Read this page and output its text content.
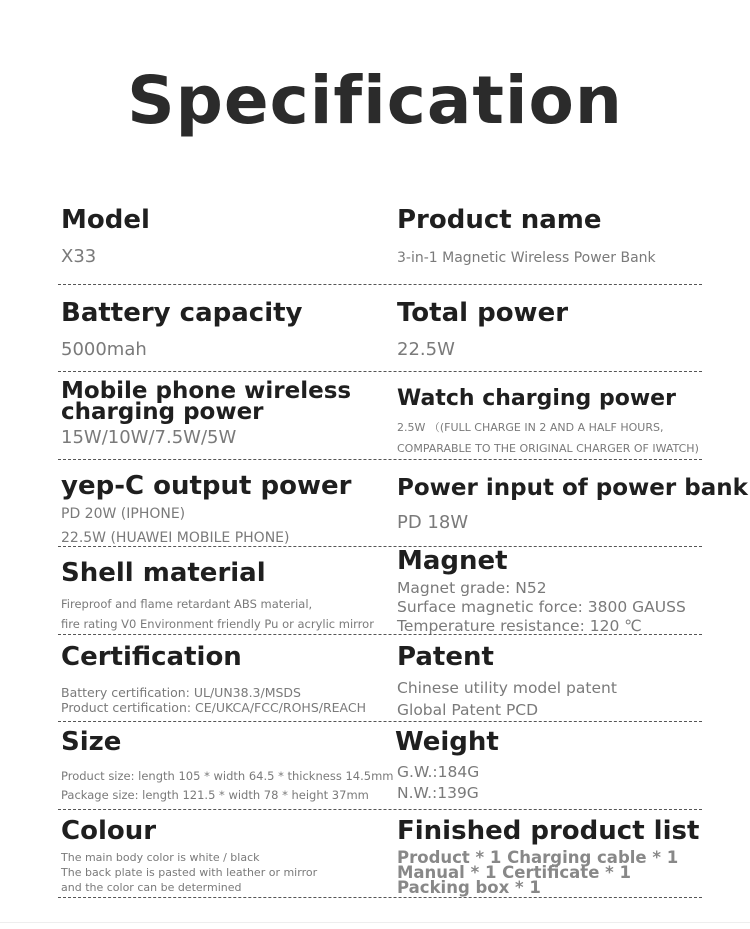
Specification
Model
X33
Product name
3-in-1 Magnetic Wireless Power Bank
Battery capacity
5000mah
Total power
22.5W
Mobile phone wireless
charging power
15W/10W/7.5W/5W
Watch charging power
2.5W （(FULL CHARGE IN 2 AND A HALF HOURS,
COMPARABLE TO THE ORIGINAL CHARGER OF IWATCH)
yep-C output power
PD 20W (IPHONE)
22.5W (HUAWEI MOBILE PHONE)
Power input of power bank
PD 18W
Shell material
Fireproof and flame retardant ABS material,
fire rating V0 Environment friendly Pu or acrylic mirror
Magnet
Magnet grade: N52
Surface magnetic force: 3800 GAUSS
Temperature resistance: 120 ℃
Certification
Battery certification: UL/UN38.3/MSDS
Product certification: CE/UKCA/FCC/ROHS/REACH
Patent
Chinese utility model patent
Global Patent PCD
Size
Product size: length 105 * width 64.5 * thickness 14.5mm
Package size: length 121.5 * width 78 * height 37mm
Weight
G.W.:184G
N.W.:139G
Colour
The main body color is white / black
The back plate is pasted with leather or mirror
and the color can be determined
Finished product list
Product * 1 Charging cable * 1
Manual * 1 Certificate * 1
Packing box * 1
